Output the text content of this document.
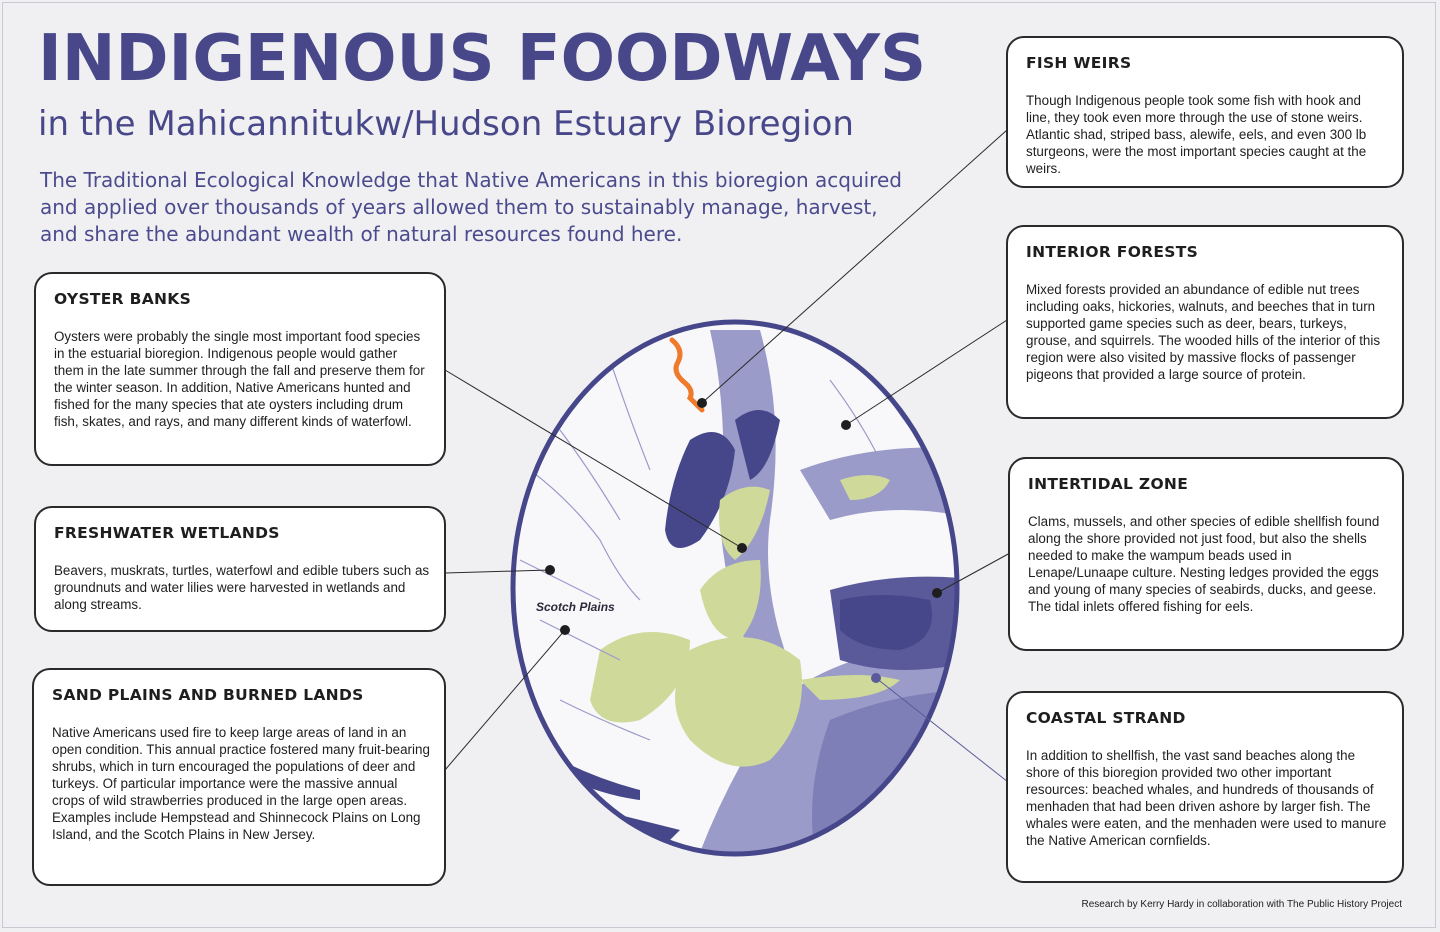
INDIGENOUS FOODWAYS
in the Mahicannitukw/Hudson Estuary Bioregion
The Traditional Ecological Knowledge that Native Americans in this bioregion acquired and applied over thousands of years allowed them to sustainably manage, harvest, and share the abundant wealth of natural resources found here.
Scotch Plains
OYSTER BANKS

Oysters were probably the single most important food species in the estuarial bioregion. Indigenous people would gather them in the late summer through the fall and preserve them for the winter season. In addition, Native Americans hunted and fished for the many species that ate oysters including drum fish, skates, and rays, and many different kinds of waterfowl.

FRESHWATER WETLANDS

Beavers, muskrats, turtles, waterfowl and edible tubers such as groundnuts and water lilies were harvested in wetlands and along streams.

SAND PLAINS AND BURNED LANDS

Native Americans used fire to keep large areas of land in an open condition. This annual practice fostered many fruit-bearing shrubs, which in turn encouraged the populations of deer and turkeys. Of particular importance were the massive annual crops of wild strawberries produced in the large open areas. Examples include Hempstead and Shinnecock Plains on Long Island, and the Scotch Plains in New Jersey.

FISH WEIRS

Though Indigenous people took some fish with hook and line, they took even more through the use of stone weirs. Atlantic shad, striped bass, alewife, eels, and even 300 lb sturgeons, were the most important species caught at the weirs.

INTERIOR FORESTS

Mixed forests provided an abundance of edible nut trees including oaks, hickories, walnuts, and beeches that in turn supported game species such as deer, bears, turkeys, grouse, and squirrels. The wooded hills of the interior of this region were also visited by massive flocks of passenger pigeons that provided a large source of protein.

INTERTIDAL ZONE

Clams, mussels, and other species of edible shellfish found along the shore provided not just food, but also the shells needed to make the wampum beads used in Lenape/Lunaape culture. Nesting ledges provided the eggs and young of many species of seabirds, ducks, and geese. The tidal inlets offered fishing for eels.

COASTAL STRAND

In addition to shellfish, the vast sand beaches along the shore of this bioregion provided two other important resources: beached whales, and hundreds of thousands of menhaden that had been driven ashore by larger fish. The whales were eaten, and the menhaden were used to manure the Native American cornfields.

Research by Kerry Hardy in collaboration with The Public History Project
